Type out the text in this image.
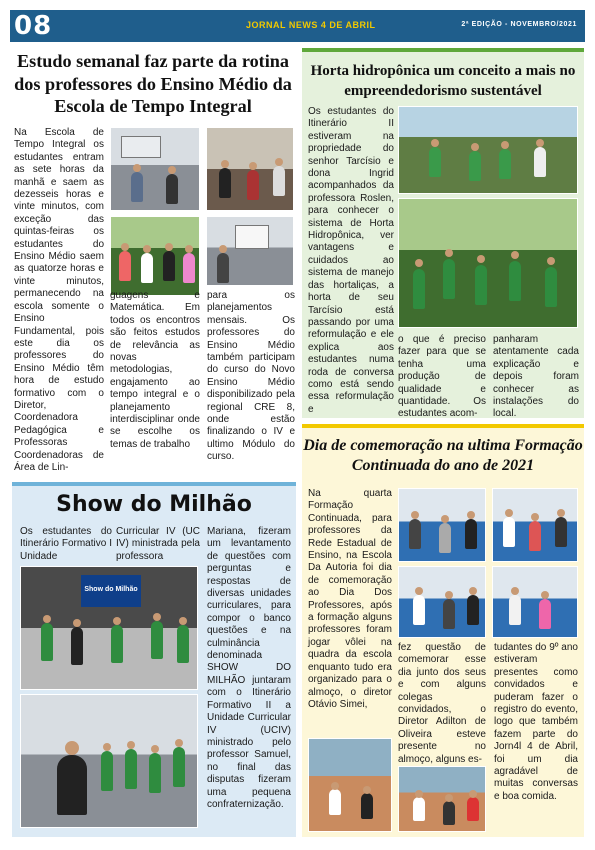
08	JORNAL NEWS 4 DE ABRIL	2ª EDIÇÃO - NOVEMBRO/2021
Estudo semanal faz parte da rotina dos professores do Ensino Médio da Escola de Tempo Integral
Na Escola de Tempo Integral os estudantes entram as sete horas da manhã e saem as dezesseis horas e vinte minutos, com exceção das quintas-feiras os estudantes do Ensino Médio saem as quatorze horas e vinte minutos, permanecendo na escola somente o Ensino Fundamental, pois este dia os professores do Ensino Médio têm hora de estudo formativo com o Diretor, Coordenadora Pedagógica e Professoras Coordenadoras de Área de Lin-
guagens e Matemática. Em todos os encontros são feitos estudos de relevância as novas metodologias, engajamento ao tempo integral e o planejamento interdisciplinar onde se escolhe os temas de trabalho
para os planejamentos mensais. Os professores do Ensino Médio também participam do curso do Novo Ensino Médio disponibilizado pela regional CRE 8, onde estão finalizando o IV e ultimo Módulo do curso.
Horta hidropônica um conceito a mais no empreendedorismo sustentável
Os estudantes do Itinerário II estiveram na propriedade do senhor Tarcísio e dona Ingrid acompanhados da professora Roslen, para conhecer o sistema de Horta Hidropônica, ver vantagens e cuidados ao sistema de manejo das hortaliças, a horta de seu Tarcísio está passando por uma reformulação e ele explica aos estudantes numa roda de conversa como está sendo essa reformulação e
o que é preciso fazer para que se tenha uma produção de qualidade e quantidade. Os estudantes acom-
panharam atentamente cada explicação e depois foram conhecer as instalações do local.
Show do Milhão
Os estudantes do Itinerário Formativo I Unidade
Curricular IV (UC IV) ministrada pela professora
Show do Milhão
Mariana, fizeram um levantamento de questões com perguntas e respostas de diversas unidades curriculares, para compor o banco questões e na culminância denominada SHOW DO MILHÃO juntaram com o Itinerário Formativo II a Unidade Curricular IV (UCIV) ministrado pelo professor Samuel, no final das disputas fizeram uma pequena confraternização.
Dia de comemoração na ultima Formação Continuada do ano de 2021
Na quarta Formação Continuada, para professores da Rede Estadual de Ensino, na Escola Da Autoria foi dia de comemoração ao Dia Dos Professores, após a formação alguns professores foram jogar vôlei na quadra da escola enquanto tudo era organizado para o almoço, o diretor Otávio Simei,
fez questão de comemorar esse dia junto dos seus e com alguns colegas convidados, o Diretor Adilton de Oliveira esteve presente no almoço, alguns es-
tudantes do 9º ano estiveram presentes como convidados e puderam fazer o registro do evento, logo que também fazem parte do Jorn4l 4 de Abril, foi um dia agradável de muitas conversas e boa comida.
